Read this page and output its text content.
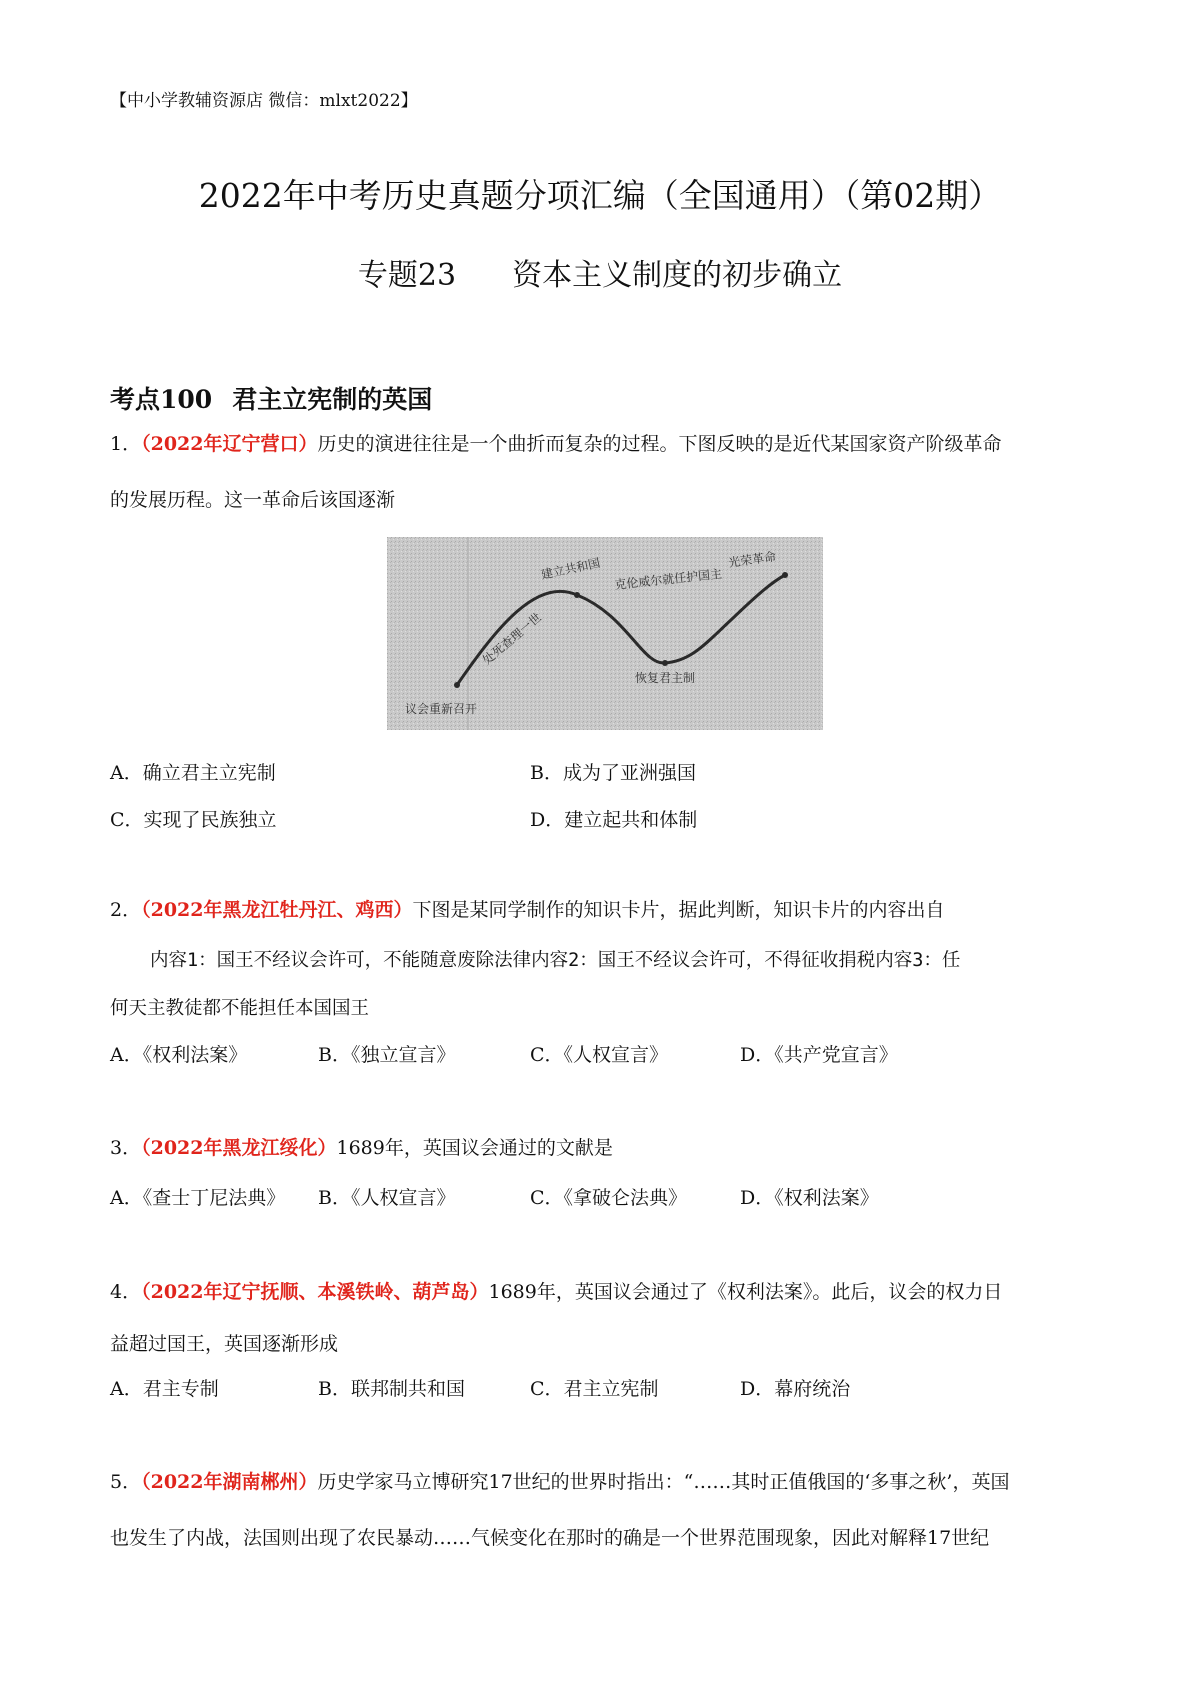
【中小学教辅资源店 微信：mlxt2022】
2022年中考历史真题分项汇编（全国通用）（第02期）
专题23 资本主义制度的初步确立
考点100 君主立宪制的英国
1．（2022年辽宁营口）历史的演进往往是一个曲折而复杂的过程。下图反映的是近代某国家资产阶级革命
的发展历程。这一革命后该国逐渐
议会重新召开
处死查理一世
建立共和国 克伦威尔就任护国主
恢复君主制
光荣革命
A．确立君主立宪制	B．成为了亚洲强国
C．实现了民族独立	D．建立起共和体制
2．（2022年黑龙江牡丹江、鸡西）下图是某同学制作的知识卡片，据此判断，知识卡片的内容出自
内容1：国王不经议会许可，不能随意废除法律内容2：国王不经议会许可，不得征收捐税内容3：任
何天主教徒都不能担任本国国王
A．《权利法案》	B．《独立宣言》	C．《人权宣言》	D．《共产党宣言》
3．（2022年黑龙江绥化）1689年，英国议会通过的文献是
A．《查士丁尼法典》 B．《人权宣言》	C．《拿破仑法典》	D．《权利法案》
4．（2022年辽宁抚顺、本溪铁岭、葫芦岛）1689年，英国议会通过了《权利法案》。此后，议会的权力日
益超过国王，英国逐渐形成
A．君主专制	B．联邦制共和国	C．君主立宪制	D．幕府统治
5．（2022年湖南郴州）历史学家马立博研究17世纪的世界时指出：“……其时正值俄国的‘多事之秋’，英国
也发生了内战，法国则出现了农民暴动……气候变化在那时的确是一个世界范围现象，因此对解释17世纪
